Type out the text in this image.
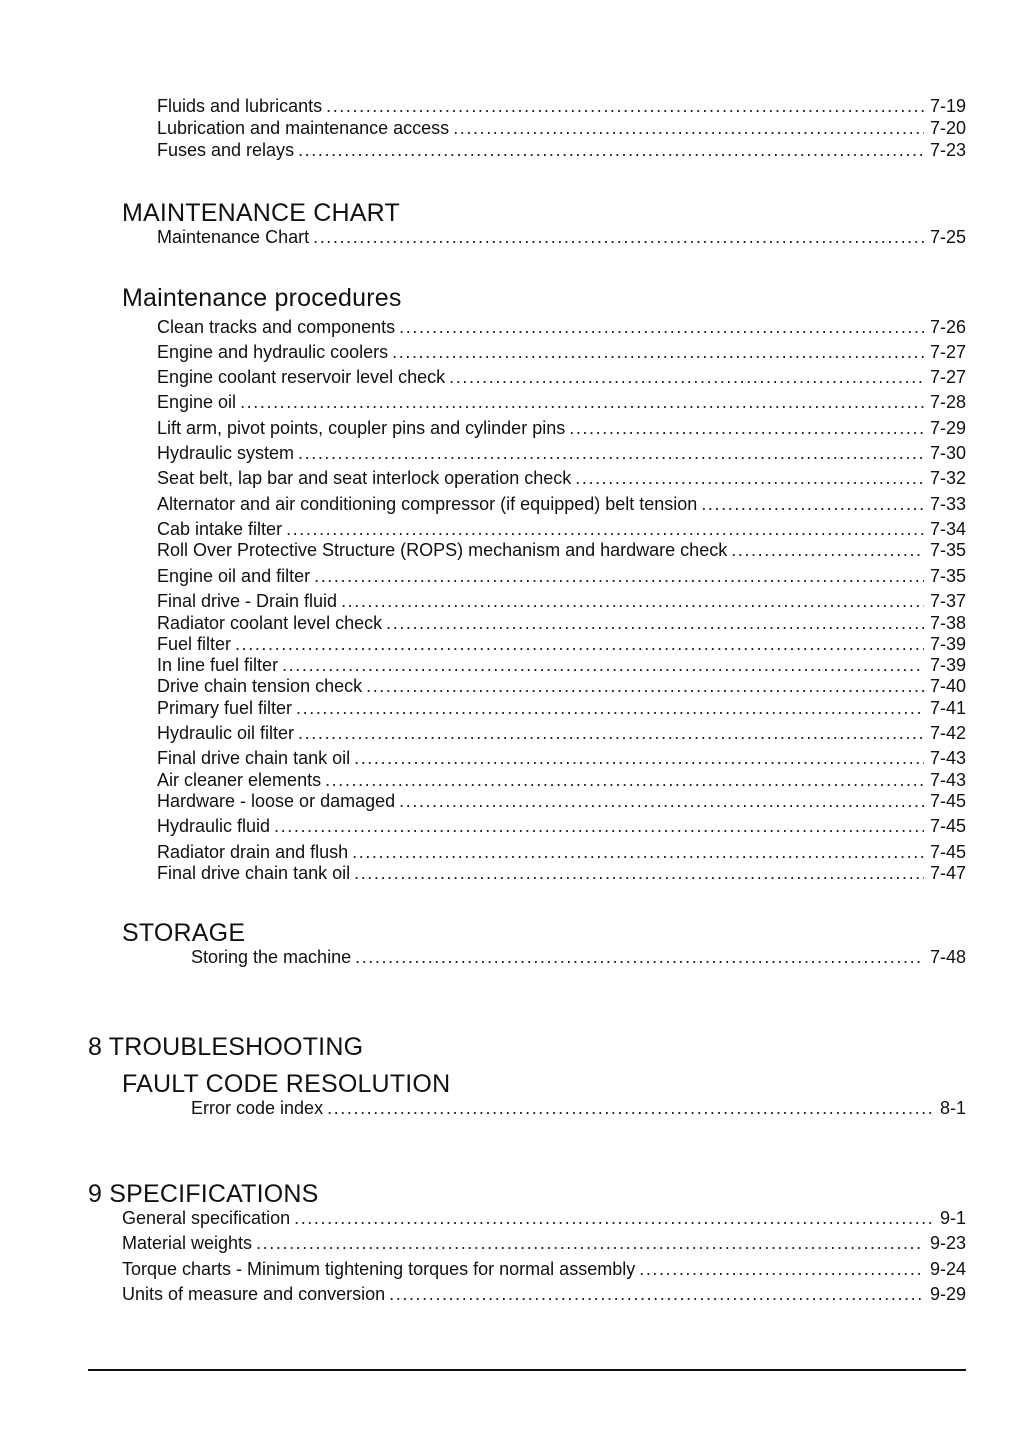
Fluids and lubricants .....	7-19
Lubrication and maintenance access .....	7-20
Fuses and relays .....	7-23
MAINTENANCE CHART
Maintenance Chart .....	7-25
Maintenance procedures
Clean tracks and components .....	7-26
Engine and hydraulic coolers .....	7-27
Engine coolant reservoir level check .....	7-27
Engine oil .....	7-28
Lift arm, pivot points, coupler pins and cylinder pins .....	7-29
Hydraulic system .....	7-30
Seat belt, lap bar and seat interlock operation check .....	7-32
Alternator and air conditioning compressor (if equipped) belt tension .....	7-33
Cab intake filter .....	7-34
Roll Over Protective Structure (ROPS) mechanism and hardware check .....	7-35
Engine oil and filter .....	7-35
Final drive - Drain fluid .....	7-37
Radiator coolant level check .....	7-38
Fuel filter .....	7-39
In line fuel filter .....	7-39
Drive chain tension check .....	7-40
Primary fuel filter .....	7-41
Hydraulic oil filter .....	7-42
Final drive chain tank oil .....	7-43
Air cleaner elements .....	7-43
Hardware - loose or damaged .....	7-45
Hydraulic fluid .....	7-45
Radiator drain and flush .....	7-45
Final drive chain tank oil .....	7-47
STORAGE
Storing the machine .....	7-48
8 TROUBLESHOOTING
FAULT CODE RESOLUTION
Error code index .....	8-1
9 SPECIFICATIONS
General specification .....	9-1
Material weights .....	9-23
Torque charts - Minimum tightening torques for normal assembly .....	9-24
Units of measure and conversion .....	9-29
